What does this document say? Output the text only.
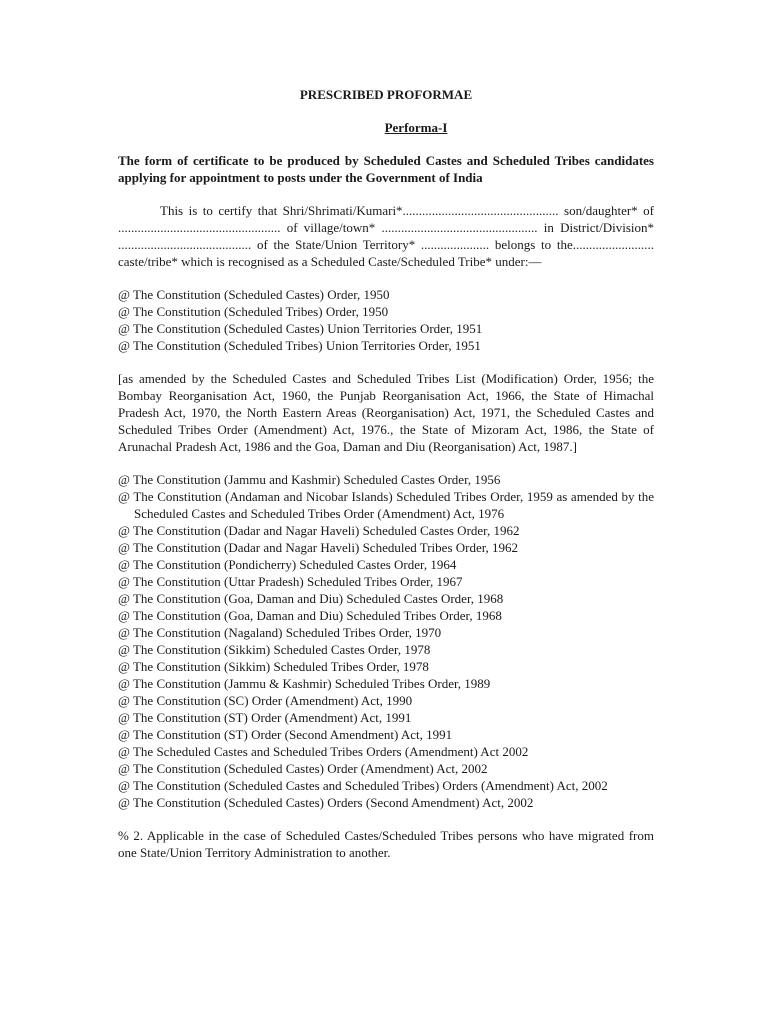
PRESCRIBED PROFORMAE

Performa-I

The form of certificate to be produced by Scheduled Castes and Scheduled Tribes candidates applying for appointment to posts under the Government of India

This is to certify that Shri/Shrimati/Kumari*................................................ son/daughter* of .................................................. of village/town* ................................................ in District/Division* ......................................... of the State/Union Territory* ..................... belongs to the......................... caste/tribe* which is recognised as a Scheduled Caste/Scheduled Tribe* under:—

@ The Constitution (Scheduled Castes) Order, 1950
@ The Constitution (Scheduled Tribes) Order, 1950
@ The Constitution (Scheduled Castes) Union Territories Order, 1951
@ The Constitution (Scheduled Tribes) Union Territories Order, 1951

[as amended by the Scheduled Castes and Scheduled Tribes List (Modification) Order, 1956; the Bombay Reorganisation Act, 1960, the Punjab Reorganisation Act, 1966, the State of Himachal Pradesh Act, 1970, the North Eastern Areas (Reorganisation) Act, 1971, the Scheduled Castes and Scheduled Tribes Order (Amendment) Act, 1976., the State of Mizoram Act, 1986, the State of Arunachal Pradesh Act, 1986 and the Goa, Daman and Diu (Reorganisation) Act, 1987.]

@ The Constitution (Jammu and Kashmir) Scheduled Castes Order, 1956
@ The Constitution (Andaman and Nicobar Islands) Scheduled Tribes Order, 1959 as amended by the Scheduled Castes and Scheduled Tribes Order (Amendment) Act, 1976
@ The Constitution (Dadar and Nagar Haveli) Scheduled Castes Order, 1962
@ The Constitution (Dadar and Nagar Haveli) Scheduled Tribes Order, 1962
@ The Constitution (Pondicherry) Scheduled Castes Order, 1964
@ The Constitution (Uttar Pradesh) Scheduled Tribes Order, 1967
@ The Constitution (Goa, Daman and Diu) Scheduled Castes Order, 1968
@ The Constitution (Goa, Daman and Diu) Scheduled Tribes Order, 1968
@ The Constitution (Nagaland) Scheduled Tribes Order, 1970
@ The Constitution (Sikkim) Scheduled Castes Order, 1978
@ The Constitution (Sikkim) Scheduled Tribes Order, 1978
@ The Constitution (Jammu & Kashmir) Scheduled Tribes Order, 1989
@ The Constitution (SC) Order (Amendment) Act, 1990
@ The Constitution (ST) Order (Amendment) Act, 1991
@ The Constitution (ST) Order (Second Amendment) Act, 1991
@ The Scheduled Castes and Scheduled Tribes Orders (Amendment) Act 2002
@ The Constitution (Scheduled Castes) Order (Amendment) Act, 2002
@ The Constitution (Scheduled Castes and Scheduled Tribes) Orders (Amendment) Act, 2002
@ The Constitution (Scheduled Castes) Orders (Second Amendment) Act, 2002

% 2. Applicable in the case of Scheduled Castes/Scheduled Tribes persons who have migrated from one State/Union Territory Administration to another.
